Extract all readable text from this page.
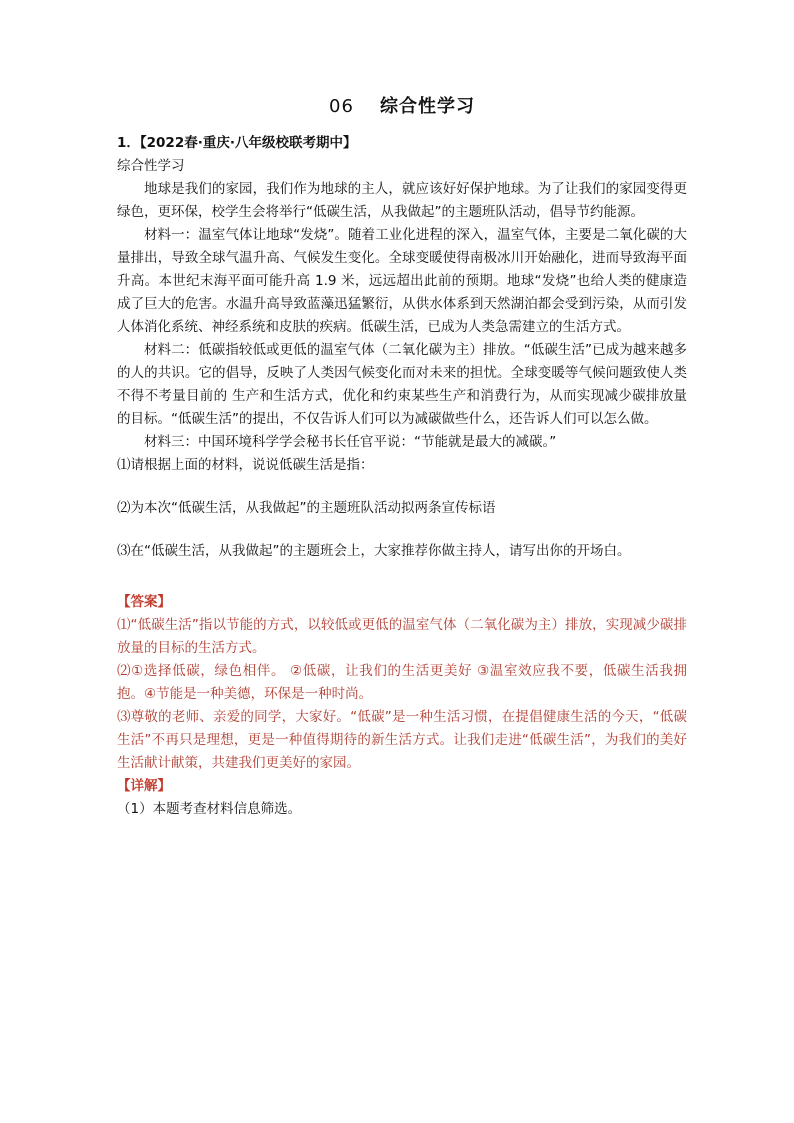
06 综合性学习

1．【2022春·重庆·八年级校联考期中】

综合性学习

地球是我们的家园，我们作为地球的主人，就应该好好保护地球。为了让我们的家园变得更绿色，更环保，校学生会将举行“低碳生活，从我做起”的主题班队活动，倡导节约能源。

材料一：温室气体让地球“发烧”。随着工业化进程的深入，温室气体，主要是二氧化碳的大量排出，导致全球气温升高、气候发生变化。全球变暖使得南极冰川开始融化，进而导致海平面升高。本世纪末海平面可能升高 1.9 米，远远超出此前的预期。地球“发烧”也给人类的健康造成了巨大的危害。水温升高导致蓝藻迅猛繁衍，从供水体系到天然湖泊都会受到污染，从而引发人体消化系统、神经系统和皮肤的疾病。低碳生活，已成为人类急需建立的生活方式。

材料二：低碳指较低或更低的温室气体（二氧化碳为主）排放。“低碳生活”已成为越来越多的人的共识。它的倡导，反映了人类因气候变化而对未来的担忧。全球变暖等气候问题致使人类不得不考量目前的 生产和生活方式，优化和约束某些生产和消费行为，从而实现减少碳排放量的目标。“低碳生活”的提出，不仅告诉人们可以为减碳做些什么，还告诉人们可以怎么做。

材料三：中国环境科学学会秘书长任官平说：“节能就是最大的减碳。”

⑴请根据上面的材料，说说低碳生活是指：

⑵为本次“低碳生活，从我做起”的主题班队活动拟两条宣传标语

⑶在“低碳生活，从我做起”的主题班会上，大家推荐你做主持人，请写出你的开场白。

【答案】

⑴“低碳生活”指以节能的方式，以较低或更低的温室气体（二氧化碳为主）排放，实现减少碳排放量的目标的生活方式。

⑵①选择低碳，绿色相伴。 ②低碳，让我们的生活更美好 ③温室效应我不要，低碳生活我拥抱。④节能是一种美德，环保是一种时尚。

⑶尊敬的老师、亲爱的同学，大家好。“低碳”是一种生活习惯，在提倡健康生活的今天，“低碳生活”不再只是理想，更是一种值得期待的新生活方式。让我们走进“低碳生活”，为我们的美好生活献计献策，共建我们更美好的家园。

【详解】

（1）本题考查材料信息筛选。
